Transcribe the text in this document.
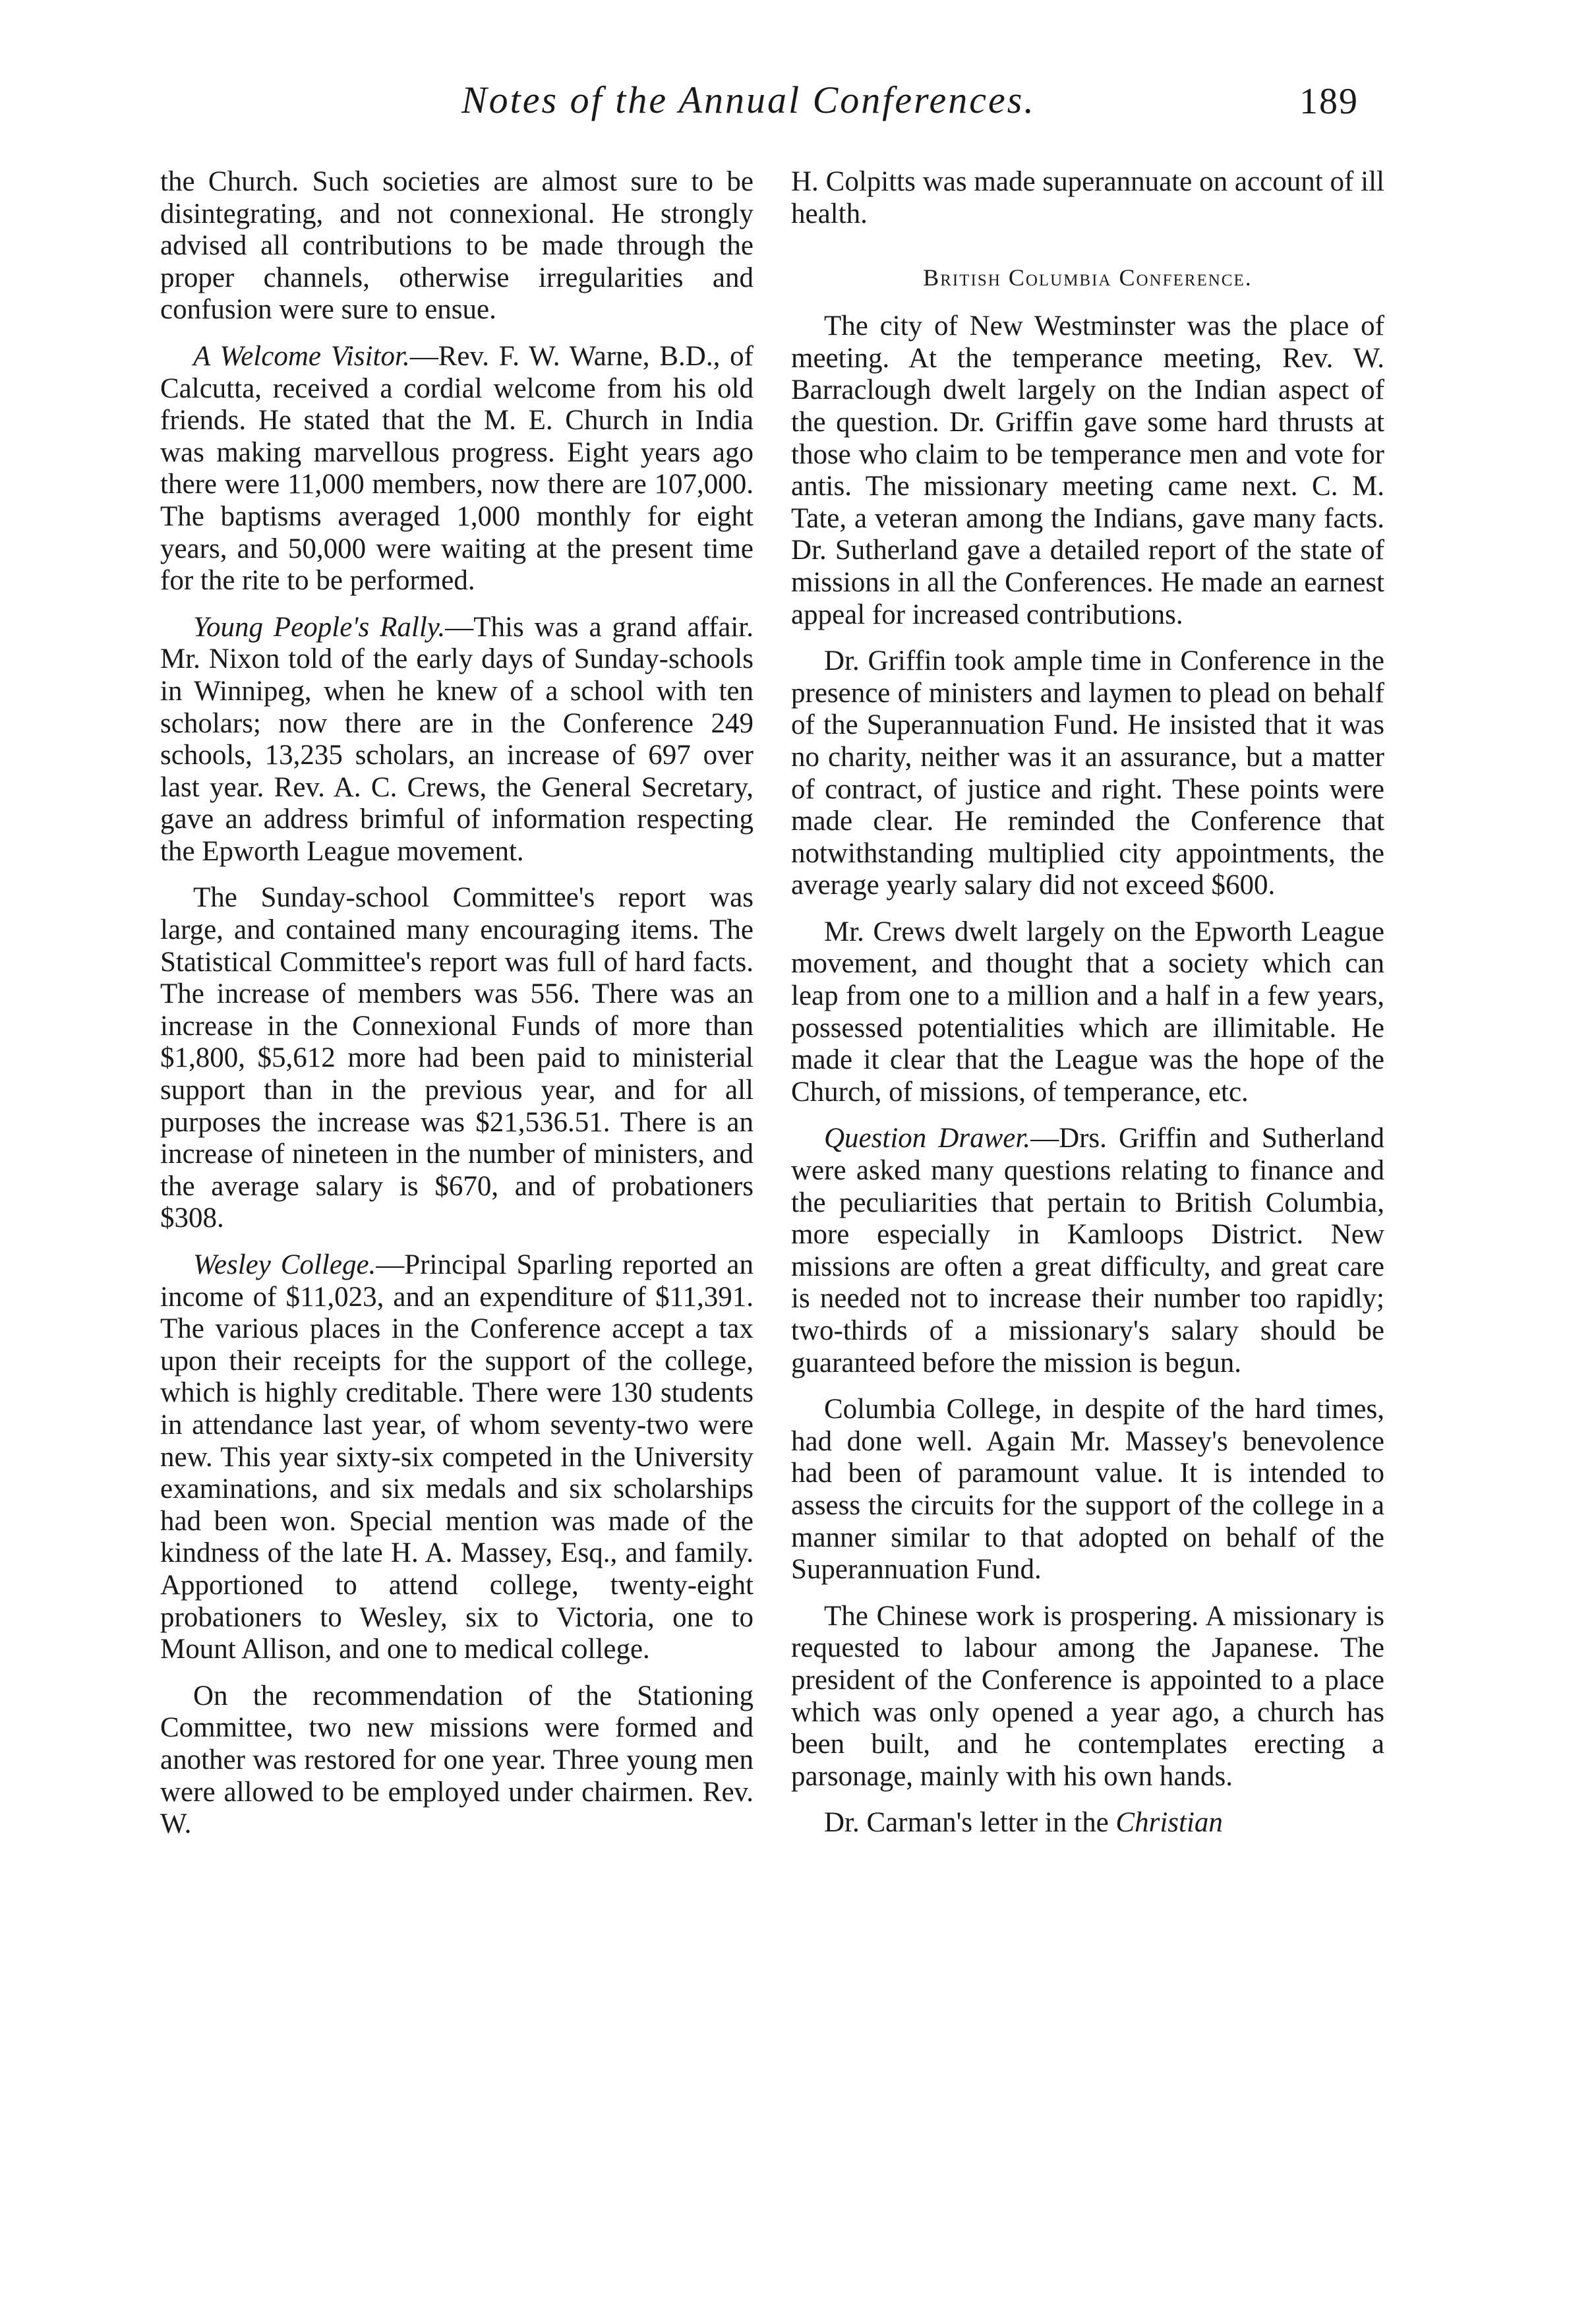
Notes of the Annual Conferences.	189

the Church. Such societies are almost sure to be disintegrating, and not connexional. He strongly advised all contributions to be made through the proper channels, otherwise irregularities and confusion were sure to ensue.

A Welcome Visitor.—Rev. F. W. Warne, B.D., of Calcutta, received a cordial welcome from his old friends. He stated that the M. E. Church in India was making marvellous progress. Eight years ago there were 11,000 members, now there are 107,000. The baptisms averaged 1,000 monthly for eight years, and 50,000 were waiting at the present time for the rite to be performed.

Young People's Rally.—This was a grand affair. Mr. Nixon told of the early days of Sunday-schools in Winnipeg, when he knew of a school with ten scholars; now there are in the Conference 249 schools, 13,235 scholars, an increase of 697 over last year. Rev. A. C. Crews, the General Secretary, gave an address brimful of information respecting the Epworth League movement.

The Sunday-school Committee's report was large, and contained many encouraging items. The Statistical Committee's report was full of hard facts. The increase of members was 556. There was an increase in the Connexional Funds of more than $1,800, $5,612 more had been paid to ministerial support than in the previous year, and for all purposes the increase was $21,536.51. There is an increase of nineteen in the number of ministers, and the average salary is $670, and of probationers $308.

Wesley College.—Principal Sparling reported an income of $11,023, and an expenditure of $11,391. The various places in the Conference accept a tax upon their receipts for the support of the college, which is highly creditable. There were 130 students in attendance last year, of whom seventy-two were new. This year sixty-six competed in the University examinations, and six medals and six scholarships had been won. Special mention was made of the kindness of the late H. A. Massey, Esq., and family. Apportioned to attend college, twenty-eight probationers to Wesley, six to Victoria, one to Mount Allison, and one to medical college.

On the recommendation of the Stationing Committee, two new missions were formed and another was restored for one year. Three young men were allowed to be employed under chairmen. Rev. W.

H. Colpitts was made superannuate on account of ill health.

British Columbia Conference.

The city of New Westminster was the place of meeting. At the temperance meeting, Rev. W. Barraclough dwelt largely on the Indian aspect of the question. Dr. Griffin gave some hard thrusts at those who claim to be temperance men and vote for antis. The missionary meeting came next. C. M. Tate, a veteran among the Indians, gave many facts. Dr. Sutherland gave a detailed report of the state of missions in all the Conferences. He made an earnest appeal for increased contributions.

Dr. Griffin took ample time in Conference in the presence of ministers and laymen to plead on behalf of the Superannuation Fund. He insisted that it was no charity, neither was it an assurance, but a matter of contract, of justice and right. These points were made clear. He reminded the Conference that notwithstanding multiplied city appointments, the average yearly salary did not exceed $600.

Mr. Crews dwelt largely on the Epworth League movement, and thought that a society which can leap from one to a million and a half in a few years, possessed potentialities which are illimitable. He made it clear that the League was the hope of the Church, of missions, of temperance, etc.

Question Drawer.—Drs. Griffin and Sutherland were asked many questions relating to finance and the peculiarities that pertain to British Columbia, more especially in Kamloops District. New missions are often a great difficulty, and great care is needed not to increase their number too rapidly; two-thirds of a missionary's salary should be guaranteed before the mission is begun.

Columbia College, in despite of the hard times, had done well. Again Mr. Massey's benevolence had been of paramount value. It is intended to assess the circuits for the support of the college in a manner similar to that adopted on behalf of the Superannuation Fund.

The Chinese work is prospering. A missionary is requested to labour among the Japanese. The president of the Conference is appointed to a place which was only opened a year ago, a church has been built, and he contemplates erecting a parsonage, mainly with his own hands.

Dr. Carman's letter in the Christian
